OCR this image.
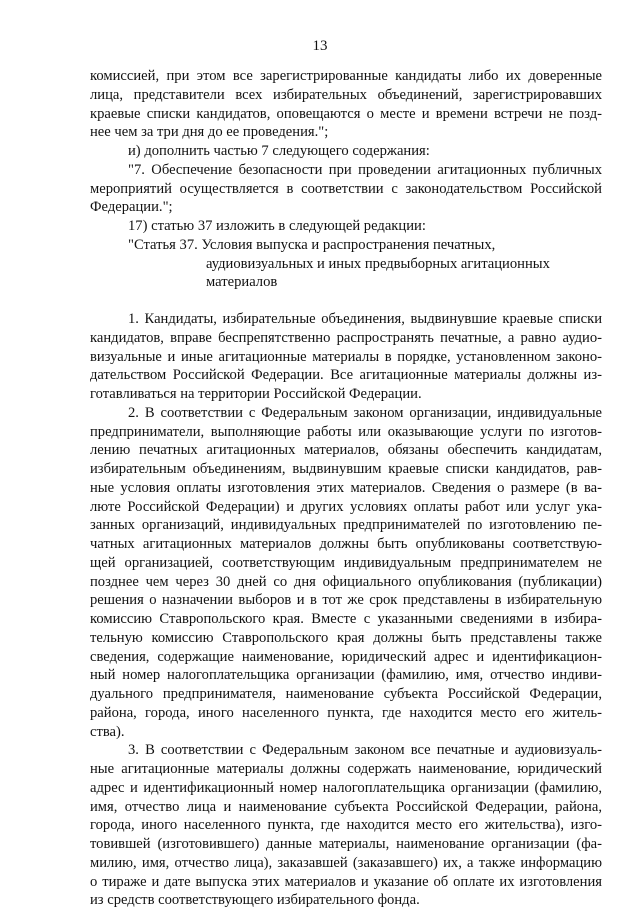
13
комиссией, при этом все зарегистрированные кандидаты либо их доверенные
лица, представители всех избирательных объединений, зарегистрировавших
краевые списки кандидатов, оповещаются о месте и времени встречи не позд-
нее чем за три дня до ее проведения.";
и) дополнить частью 7 следующего содержания:
"7. Обеспечение безопасности при проведении агитационных публичных
мероприятий осуществляется в соответствии с законодательством Российской
Федерации.";
17) статью 37 изложить в следующей редакции:
"Статья 37. Условия выпуска и распространения печатных,
аудиовизуальных и иных предвыборных агитационных
материалов
1. Кандидаты, избирательные объединения, выдвинувшие краевые списки
кандидатов, вправе беспрепятственно распространять печатные, а равно аудио-
визуальные и иные агитационные материалы в порядке, установленном законо-
дательством Российской Федерации. Все агитационные материалы должны из-
готавливаться на территории Российской Федерации.
2. В соответствии с Федеральным законом организации, индивидуальные
предприниматели, выполняющие работы или оказывающие услуги по изготов-
лению печатных агитационных материалов, обязаны обеспечить кандидатам,
избирательным объединениям, выдвинувшим краевые списки кандидатов, рав-
ные условия оплаты изготовления этих материалов. Сведения о размере (в ва-
люте Российской Федерации) и других условиях оплаты работ или услуг ука-
занных организаций, индивидуальных предпринимателей по изготовлению пе-
чатных агитационных материалов должны быть опубликованы соответствую-
щей организацией, соответствующим индивидуальным предпринимателем не
позднее чем через 30 дней со дня официального опубликования (публикации)
решения о назначении выборов и в тот же срок представлены в избирательную
комиссию Ставропольского края. Вместе с указанными сведениями в избира-
тельную комиссию Ставропольского края должны быть представлены также
сведения, содержащие наименование, юридический адрес и идентификацион-
ный номер налогоплательщика организации (фамилию, имя, отчество индиви-
дуального предпринимателя, наименование субъекта Российской Федерации,
района, города, иного населенного пункта, где находится место его житель-
ства).
3. В соответствии с Федеральным законом все печатные и аудиовизуаль-
ные агитационные материалы должны содержать наименование, юридический
адрес и идентификационный номер налогоплательщика организации (фамилию,
имя, отчество лица и наименование субъекта Российской Федерации, района,
города, иного населенного пункта, где находится место его жительства), изго-
товившей (изготовившего) данные материалы, наименование организации (фа-
милию, имя, отчество лица), заказавшей (заказавшего) их, а также информацию
о тираже и дате выпуска этих материалов и указание об оплате их изготовления
из средств соответствующего избирательного фонда.
